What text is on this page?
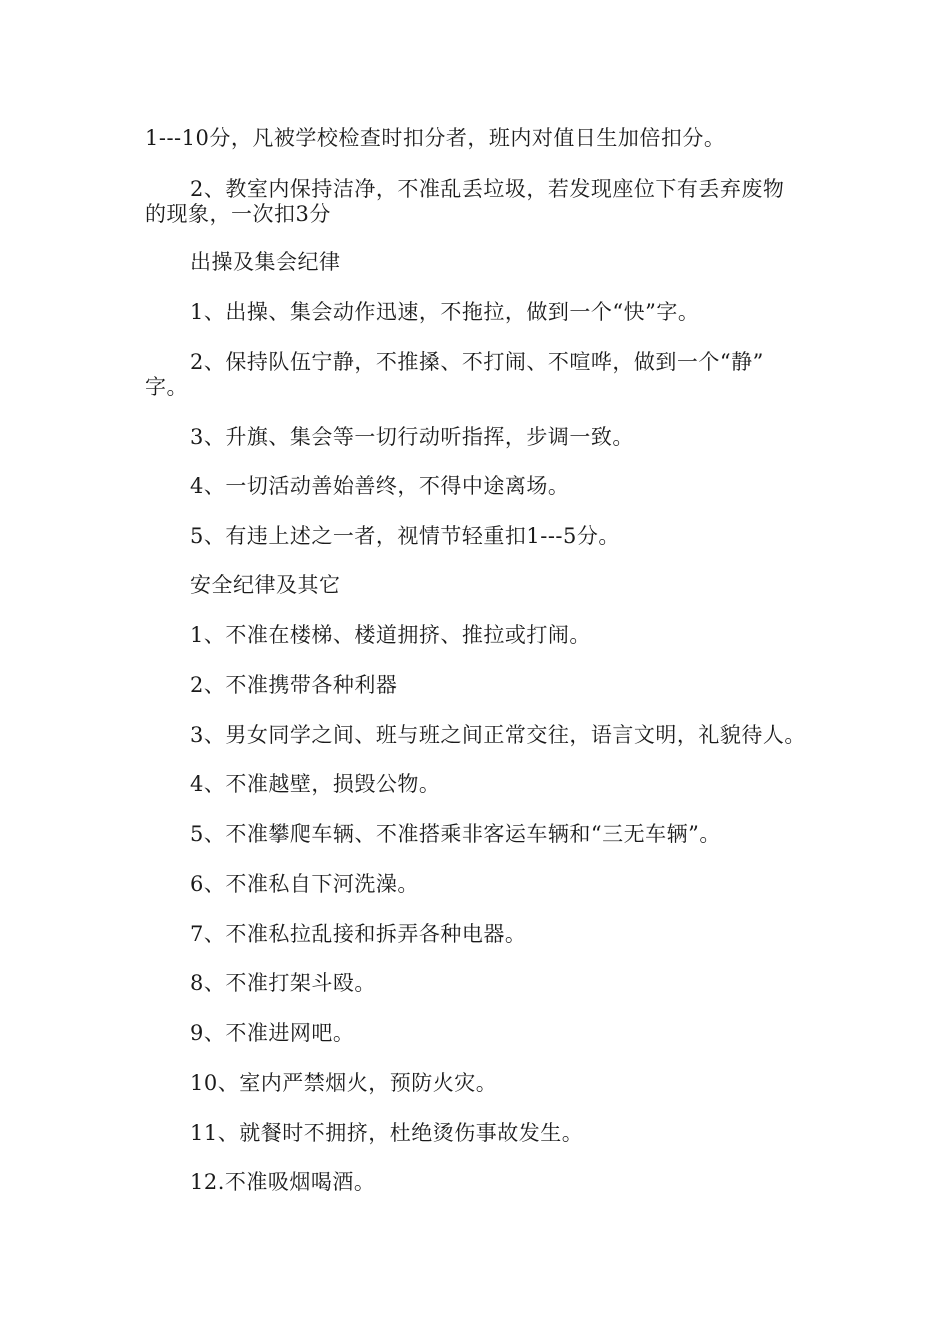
1---10分，凡被学校检查时扣分者，班内对值日生加倍扣分。
2、教室内保持洁净，不准乱丢垃圾，若发现座位下有丢弃废物
的现象，一次扣3分
出操及集会纪律
1、出操、集会动作迅速，不拖拉，做到一个“快”字。
2、保持队伍宁静，不推搡、不打闹、不喧哗，做到一个“静”
字。
3、升旗、集会等一切行动听指挥，步调一致。
4、一切活动善始善终，不得中途离场。
5、有违上述之一者，视情节轻重扣1---5分。
安全纪律及其它
1、不准在楼梯、楼道拥挤、推拉或打闹。
2、不准携带各种利器
3、男女同学之间、班与班之间正常交往，语言文明，礼貌待人。
4、不准越壁，损毁公物。
5、不准攀爬车辆、不准搭乘非客运车辆和“三无车辆”。
6、不准私自下河洗澡。
7、不准私拉乱接和拆弄各种电器。
8、不准打架斗殴。
9、不准进网吧。
10、室内严禁烟火，预防火灾。
11、就餐时不拥挤，杜绝烫伤事故发生。
12.不准吸烟喝酒。
